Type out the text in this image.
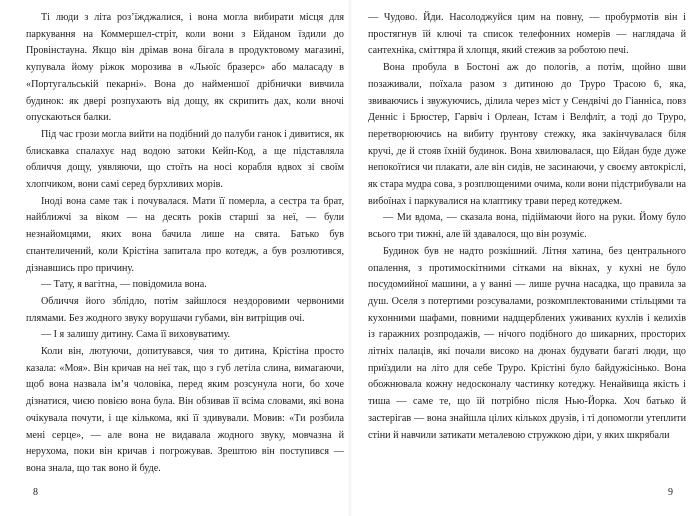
Ті люди з літа роз’їжджалися, і вона могла вибирати місця для паркування на Коммершел-стріт, коли вони з Ейданом їздили до Провінстауна. Якщо він дрімав вона бігала в продуктовому магазині, купувала йому ріжок морозива в «Льюїс бразерс» або маласаду в «Португальській пекарні». Вона до найменшої дрібнички вивчила будинок: як двері розпухають від дощу, як скрипить дах, коли вночі опускаються балки.

Під час грози могла вийти на подібний до палуби ганок і дивитися, як блискавка спалахує над водою затоки Кейп-Код, а ще підставляла обличчя дощу, уявляючи, що стоїть на носі корабля вдвох зі своїм хлопчиком, вони самі серед бурхливих морів.

Іноді вона саме так і почувалася. Мати її померла, а сестра та брат, найближчі за віком — на десять років старші за неї, — були незнайомцями, яких вона бачила лише на свята. Батько був спантеличений, коли Крістіна запитала про котедж, а був розлютився, дізнавшись про причину.

— Тату, я вагітна, — повідомила вона.

Обличчя його зблідло, потім зайшлося нездоровими червоними плямами. Без жодного звуку ворушачи губами, він витріщив очі.

— І я залишу дитину. Сама її виховуватиму.

Коли він, лютуючи, допитувався, чия то дитина, Крістіна просто казала: «Моя». Він кричав на неї так, що з губ летіла слина, вимагаючи, щоб вона назвала ім’я чоловіка, перед яким розсунула ноги, бо хоче дізнатися, чиєю повією вона була. Він обзивав її всіма словами, які вона очікувала почути, і ще кількома, які її здивували. Мовив: «Ти розбила мені серце», — але вона не видавала жодного звуку, мовчазна й нерухома, поки він кричав і погрожував. Зрештою він поступився — вона знала, що так воно й буде.

8

— Чудово. Йди. Насолоджуйся цим на повну, — пробурмотів він і простягнув їй ключі та список телефонних номерів — наглядача й сантехніка, сміттяра й хлопця, який стежив за роботою печі.

Вона пробула в Бостоні аж до пологів, а потім, щойно шви позаживали, поїхала разом з дитиною до Труро Трасою 6, яка, звиваючись і звужуючись, ділила через міст у Сендвічі до Гіанніса, повз Денніс і Брюстер, Гарвіч і Орлеан, Істам і Велфліт, а тоді до Труро, перетворюючись на вибиту ґрунтову стежку, яка закінчувалася біля кручі, де й стояв їхній будинок. Вона хвилювалася, що Ейдан буде дуже непокоїтися чи плакати, але він сидів, не засинаючи, у своєму автокріслі, як стара мудра сова, з розплющеними очима, коли вони підстрибували на вибоїнах і паркувалися на клаптику трави перед котеджем.

— Ми вдома, — сказала вона, підіймаючи його на руки. Йому було всього три тижні, але їй здавалося, що він розуміє.

Будинок був не надто розкішний. Літня хатина, без центрального опалення, з протимоскітними сітками на вікнах, у кухні не було посудомийної машини, а у ванні — лише ручна насадка, що правила за душ. Оселя з потертими розсувалами, розкомплектованими стільцями та кухонними шафами, повними надщерблених уживаних кухлів і келихів із гаражних розпродажів, — нічого подібного до шикарних, просторих літніх палаців, які почали високо на дюнах будувати багаті люди, що приїздили на літо для себе Труро. Крістіні було байдужісінько. Вона обожнювала кожну недосконалу частинку котеджу. Ненайвища якість і тиша — саме те, що їй потрібно після Нью-Йорка. Хоч батько й застерігав — вона знайшла цілих кількох друзів, і ті допомогли утеплити стіни й навчили затикати металевою стружкою діри, у яких шкрябали

9
